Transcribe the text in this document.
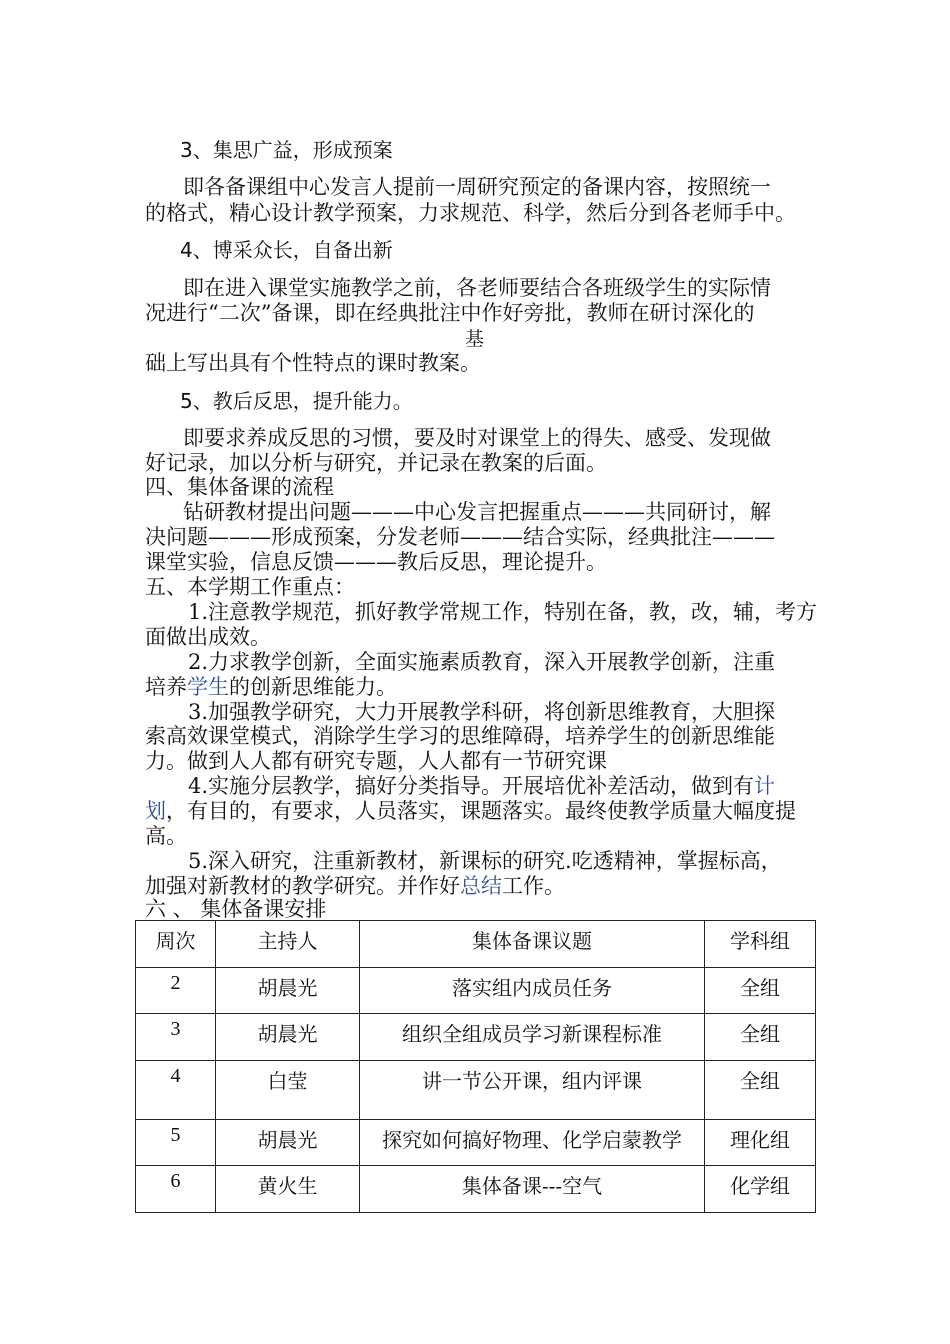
3、集思广益，形成预案
即各备课组中心发言人提前一周研究预定的备课内容，按照统一
的格式，精心设计教学预案，力求规范、科学，然后分到各老师手中。
4、博采众长，自备出新
即在进入课堂实施教学之前，各老师要结合各班级学生的实际情
况进行“二次”备课，即在经典批注中作好旁批，教师在研讨深化的
基
础上写出具有个性特点的课时教案。
5、教后反思，提升能力。
即要求养成反思的习惯，要及时对课堂上的得失、感受、发现做
好记录，加以分析与研究，并记录在教案的后面。
四、集体备课的流程
钻研教材提出问题———中心发言把握重点———共同研讨，解
决问题———形成预案，分发老师———结合实际，经典批注———
课堂实验，信息反馈———教后反思，理论提升。
五、本学期工作重点：
1.注意教学规范，抓好教学常规工作，特别在备，教，改，辅，考方
面做出成效。
2.力求教学创新，全面实施素质教育，深入开展教学创新，注重
培养学生的创新思维能力。
3.加强教学研究，大力开展教学科研，将创新思维教育，大胆探
索高效课堂模式，消除学生学习的思维障碍，培养学生的创新思维能
力。做到人人都有研究专题，人人都有一节研究课
4.实施分层教学，搞好分类指导。开展培优补差活动，做到有计
划，有目的，有要求，人员落实，课题落实。最终使教学质量大幅度提
高。
5.深入研究，注重新教材，新课标的研究.吃透精神，掌握标高，
加强对新教材的教学研究。并作好总结工作。
六 、 集体备课安排
周次	主持人	集体备课议题	学科组
2	胡晨光	落实组内成员任务	全组
3	胡晨光	组织全组成员学习新课程标准	全组
4	白莹	讲一节公开课，组内评课	全组
5	胡晨光	探究如何搞好物理、化学启蒙教学	理化组
6	黄火生	集体备课---空气	化学组
